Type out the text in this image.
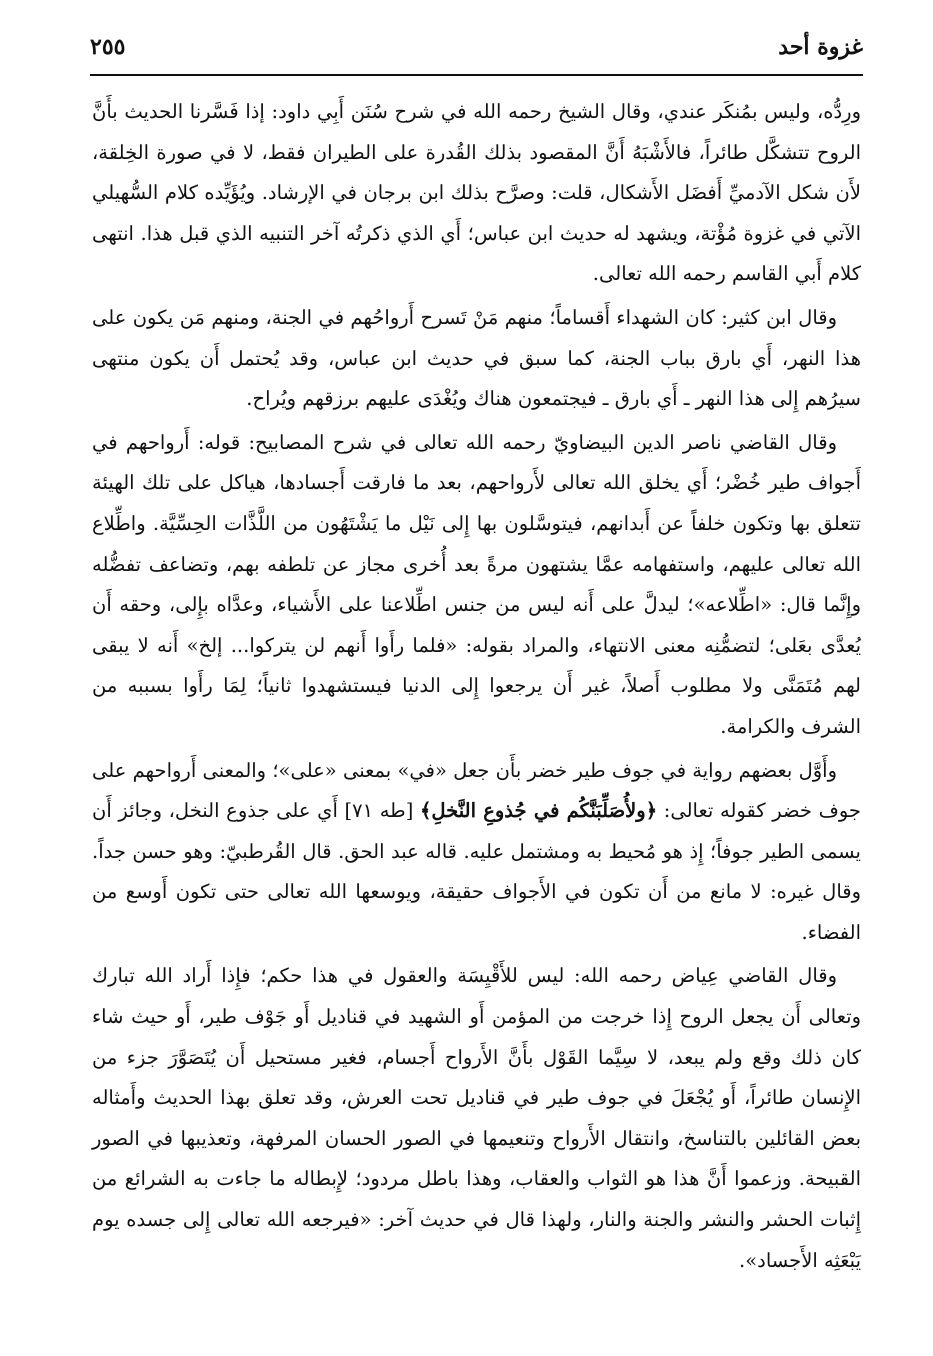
غزوة أحد
٢٥٥

ورِدُّه، وليس بمُنكَر عندي، وقال الشيخ رحمه الله في شرح سُنَن أَبِي داود: إذا فَسَّرنا الحديث بأَنَّ الروح تتشكَّل طائراً، فالأَشْبَهُ أَنَّ المقصود بذلك القُدرة على الطيران فقط، لا في صورة الخِلقة، لأَن شكل الآدميِّ أَفضَل الأَشكال، قلت: وصرَّح بذلك ابن برجان في الإرشاد. ويُؤَيِّده كلام السُّهيلي الآتي في غزوة مُؤْتة، ويشهد له حديث ابن عباس؛ أَي الذي ذكرتُه آخر التنبيه الذي قبل هذا. انتهى كلام أَبي القاسم رحمه الله تعالى.

وقال ابن كثير: كان الشهداء أَقساماً؛ منهم مَنْ تَسرح أَرواحُهم في الجنة، ومنهم مَن يكون على هذا النهر، أَي بارق بباب الجنة، كما سبق في حديث ابن عباس، وقد يُحتمل أَن يكون منتهى سيرُهم إِلى هذا النهر ـ أَي بارق ـ فيجتمعون هناك ويُغْدَى عليهم برزقهم ويُراح.

وقال القاضي ناصر الدين البيضاويّ رحمه الله تعالى في شرح المصابيح: قوله: أَرواحهم في أَجواف طير خُضْر؛ أَي يخلق الله تعالى لأَرواحهم، بعد ما فارقت أَجسادها، هياكل على تلك الهيئة تتعلق بها وتكون خلفاً عن أَبدانهم، فيتوسَّلون بها إِلى نَيْل ما يَشْتَهُون من اللَّذَّات الحِسِّيَّة. واطِّلاع الله تعالى عليهم، واستفهامه عمَّا يشتهون مرةً بعد أُخرى مجاز عن تلطفه بهم، وتضاعف تفضُّله وإِنَّما قال: «اطِّلاعه»؛ ليدلَّ على أَنه ليس من جنس اطِّلاعنا على الأَشياء، وعدَّاه بإِلى، وحقه أَن يُعدَّى بعَلى؛ لتضمُّنِه معنى الانتهاء، والمراد بقوله: «فلما رأَوا أَنهم لن يتركوا... إلخ» أَنه لا يبقى لهم مُتَمَنَّى ولا مطلوب أَصلاً، غير أَن يرجعوا إِلى الدنيا فيستشهدوا ثانياً؛ لِمَا رأَوا بسببه من الشرف والكرامة.

وأَوَّل بعضهم رواية في جوف طير خضر بأَن جعل «في» بمعنى «على»؛ والمعنى أَرواحهم على جوف خضر كقوله تعالى: ﴿ولأُصَلِّبَنَّكُم في جُذوعِ النَّخلِ﴾ [طه ٧١] أَي على جذوع النخل، وجائز أَن يسمى الطير جوفاً؛ إِذ هو مُحيط به ومشتمل عليه. قاله عبد الحق. قال القُرطبيّ: وهو حسن جداً. وقال غيره: لا مانع من أَن تكون في الأَجواف حقيقة، ويوسعها الله تعالى حتى تكون أَوسع من الفضاء.

وقال القاضي عِياض رحمه الله: ليس للأَقْيِسَة والعقول في هذا حكم؛ فإِذا أَراد الله تبارك وتعالى أَن يجعل الروح إِذا خرجت من المؤمن أَو الشهيد في قناديل أَو جَوْف طير، أَو حيث شاء كان ذلك وقع ولم يبعد، لا سِيَّما القَوْل بأَنَّ الأَرواح أَجسام، فغير مستحيل أَن يُتَصَوَّرَ جزء من الإِنسان طائراً، أَو يُجْعَلَ في جوف طير في قناديل تحت العرش، وقد تعلق بهذا الحديث وأَمثاله بعض القائلين بالتناسخ، وانتقال الأَرواح وتنعيمها في الصور الحسان المرفهة، وتعذيبها في الصور القبيحة. وزعموا أَنَّ هذا هو الثواب والعقاب، وهذا باطل مردود؛ لإِبطاله ما جاءت به الشرائع من إِثبات الحشر والنشر والجنة والنار، ولهذا قال في حديث آخر: «فيرجعه الله تعالى إِلى جسده يوم يَبْعَثِه الأَجساد».
